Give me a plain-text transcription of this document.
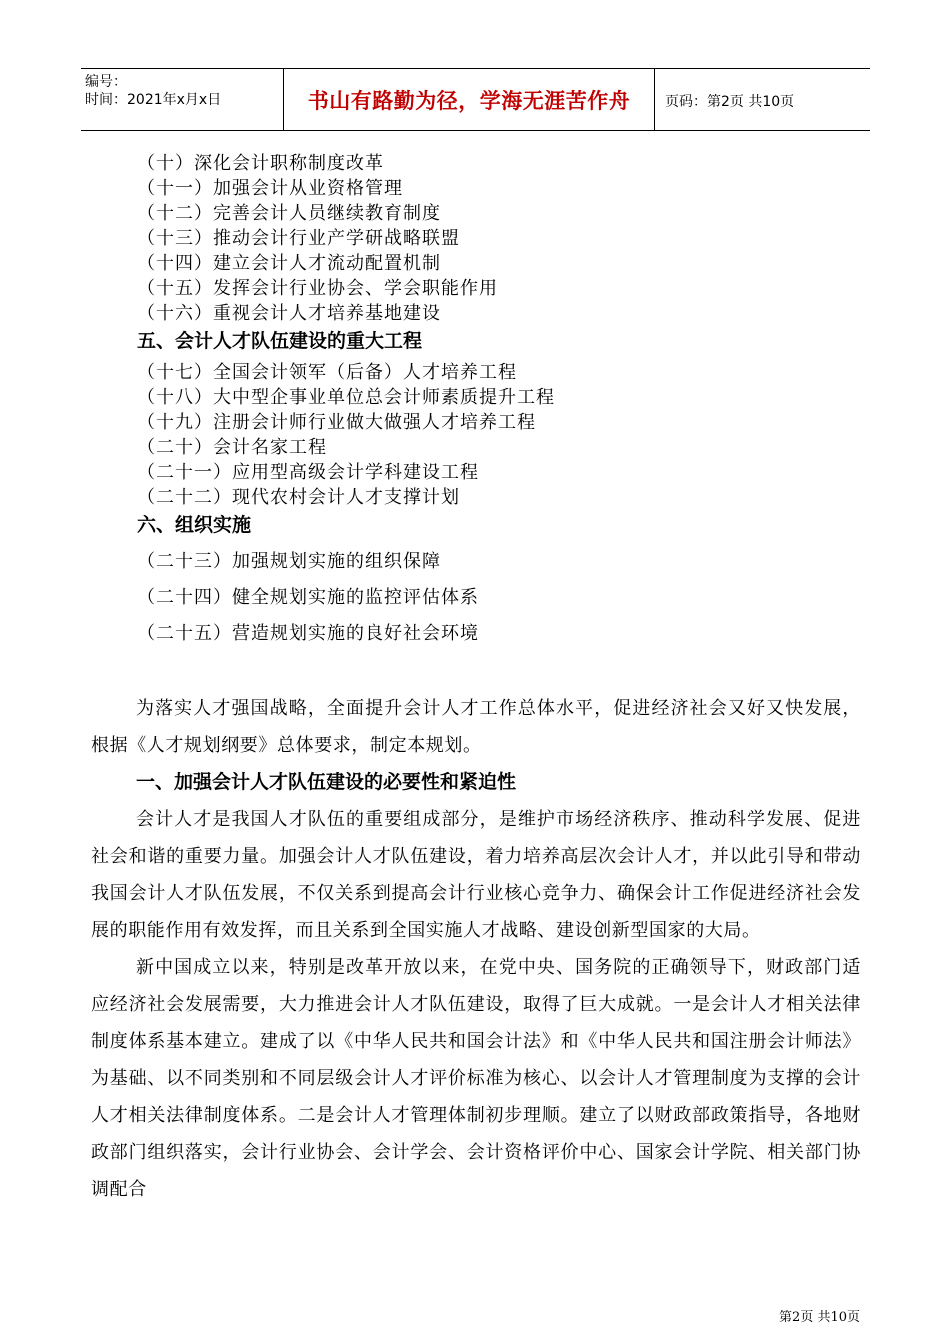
编号：
时间：2021年x月x日	书山有路勤为径，学海无涯苦作舟	页码：第2页 共10页
（十）深化会计职称制度改革
（十一）加强会计从业资格管理
（十二）完善会计人员继续教育制度
（十三）推动会计行业产学研战略联盟
（十四）建立会计人才流动配置机制
（十五）发挥会计行业协会、学会职能作用
（十六）重视会计人才培养基地建设
五、会计人才队伍建设的重大工程
（十七）全国会计领军（后备）人才培养工程
（十八）大中型企事业单位总会计师素质提升工程
（十九）注册会计师行业做大做强人才培养工程
（二十）会计名家工程
（二十一）应用型高级会计学科建设工程
（二十二）现代农村会计人才支撑计划
六、组织实施
（二十三）加强规划实施的组织保障
（二十四）健全规划实施的监控评估体系
（二十五）营造规划实施的良好社会环境

为落实人才强国战略，全面提升会计人才工作总体水平，促进经济社会又好又快发展，根据《人才规划纲要》总体要求，制定本规划。

一、加强会计人才队伍建设的必要性和紧迫性

会计人才是我国人才队伍的重要组成部分，是维护市场经济秩序、推动科学发展、促进社会和谐的重要力量。加强会计人才队伍建设，着力培养高层次会计人才，并以此引导和带动我国会计人才队伍发展，不仅关系到提高会计行业核心竞争力、确保会计工作促进经济社会发展的职能作用有效发挥，而且关系到全国实施人才战略、建设创新型国家的大局。

新中国成立以来，特别是改革开放以来，在党中央、国务院的正确领导下，财政部门适应经济社会发展需要，大力推进会计人才队伍建设，取得了巨大成就。一是会计人才相关法律制度体系基本建立。建成了以《中华人民共和国会计法》和《中华人民共和国注册会计师法》为基础、以不同类别和不同层级会计人才评价标准为核心、以会计人才管理制度为支撑的会计人才相关法律制度体系。二是会计人才管理体制初步理顺。建立了以财政部政策指导，各地财政部门组织落实，会计行业协会、会计学会、会计资格评价中心、国家会计学院、相关部门协调配合

第2页 共10页
